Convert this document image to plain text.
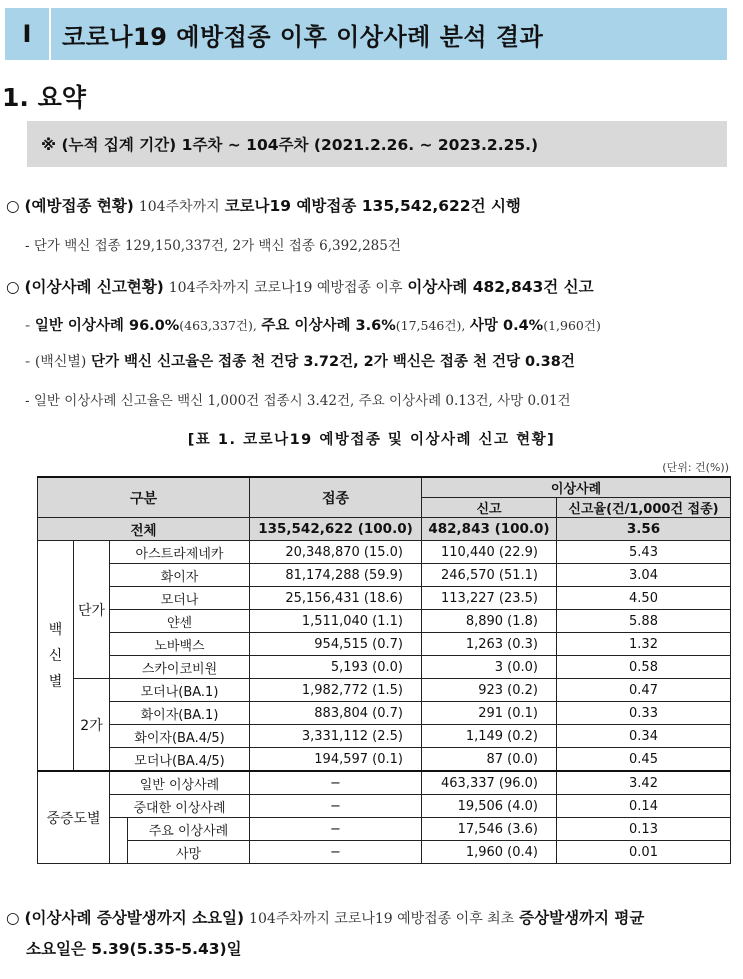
Ⅰ	코로나19 예방접종 이후 이상사례 분석 결과
1. 요약
※ (누적 집계 기간) 1주차 ~ 104주차 (2021.2.26. ~ 2023.2.25.)
○ (예방접종 현황) 104주차까지 코로나19 예방접종 135,542,622건 시행
- 단가 백신 접종 129,150,337건, 2가 백신 접종 6,392,285건
○ (이상사례 신고현황) 104주차까지 코로나19 예방접종 이후 이상사례 482,843건 신고
- 일반 이상사례 96.0%(463,337건), 주요 이상사례 3.6%(17,546건), 사망 0.4%(1,960건)
- (백신별) 단가 백신 신고율은 접종 천 건당 3.72건, 2가 백신은 접종 천 건당 0.38건
- 일반 이상사례 신고율은 백신 1,000건 접종시 3.42건, 주요 이상사례 0.13건, 사망 0.01건
[표 1. 코로나19 예방접종 및 이상사례 신고 현황]
(단위: 건(%))
구분				접종	이상사례	
					신고	신고율(건/1,000건 접종)
전체				135,542,622 (100.0)	482,843 (100.0)	3.56
백
신
별	단가	아스트라제네카		20,348,870 (15.0)	110,440 (22.9)	5.43
		화이자		81,174,288 (59.9)	246,570 (51.1)	3.04
		모더나		25,156,431 (18.6)	113,227 (23.5)	4.50
		얀센		1,511,040 (1.1)	8,890 (1.8)	5.88
		노바백스		954,515 (0.7)	1,263 (0.3)	1.32
		스카이코비원		5,193 (0.0)	3 (0.0)	0.58
	2가	모더나(BA.1)		1,982,772 (1.5)	923 (0.2)	0.47
		화이자(BA.1)		883,804 (0.7)	291 (0.1)	0.33
		화이자(BA.4/5)		3,331,112 (2.5)	1,149 (0.2)	0.34
		모더나(BA.4/5)		194,597 (0.1)	87 (0.0)	0.45
중증도별		일반 이상사례		−	463,337 (96.0)	3.42
		중대한 이상사례		−	19,506 (4.0)	0.14
			주요 이상사례	−	17,546 (3.6)	0.13
			사망	−	1,960 (0.4)	0.01
○ (이상사례 증상발생까지 소요일) 104주차까지 코로나19 예방접종 이후 최초 증상발생까지 평균
소요일은 5.39(5.35-5.43)일
